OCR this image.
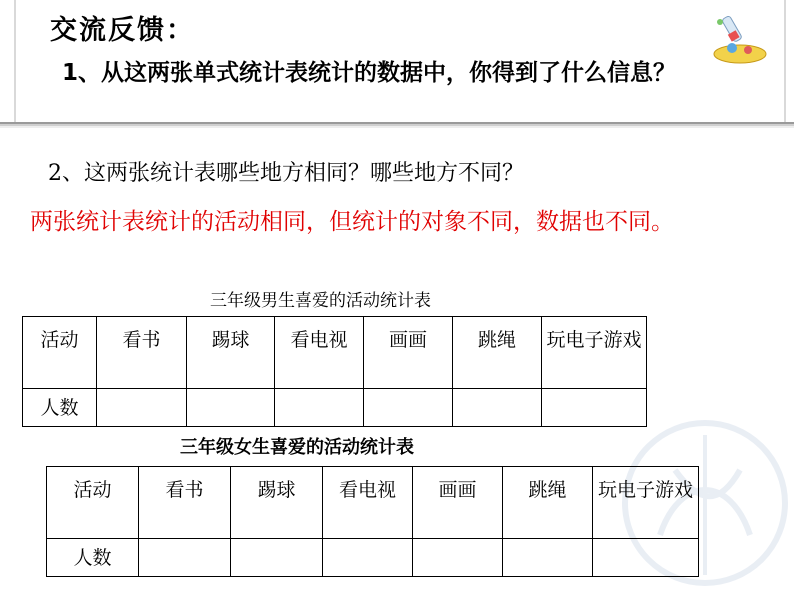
交流反馈：
1、从这两张单式统计表统计的数据中，你得到了什么信息？
2、这两张统计表哪些地方相同？哪些地方不同？
两张统计表统计的活动相同，但统计的对象不同，数据也不同。
三年级男生喜爱的活动统计表
活动	看书	踢球	看电视	画画	跳绳	玩电子游戏
人数						
三年级女生喜爱的活动统计表
活动	看书	踢球	看电视	画画	跳绳	玩电子游戏
人数						
